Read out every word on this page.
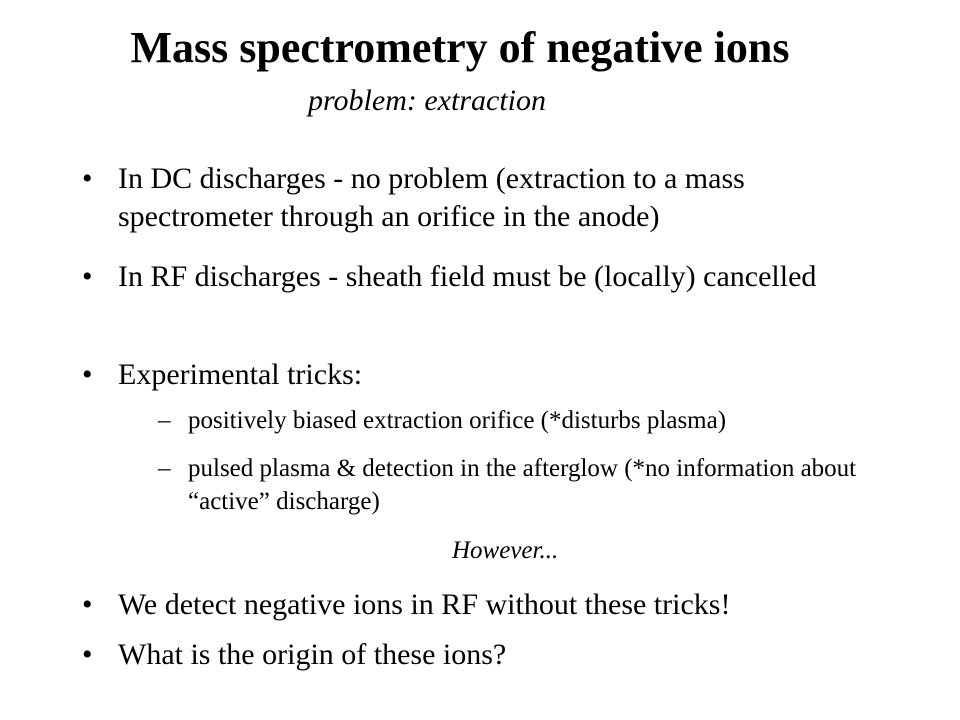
Mass spectrometry of negative ions
problem: extraction
• In DC discharges - no problem (extraction to a mass spectrometer through an orifice in the anode)
• In RF discharges - sheath field must be (locally) cancelled
• Experimental tricks:
– positively biased extraction orifice (*disturbs plasma)
– pulsed plasma & detection in the afterglow (*no information about “active” discharge)
However...
• We detect negative ions in RF without these tricks!
• What is the origin of these ions?
